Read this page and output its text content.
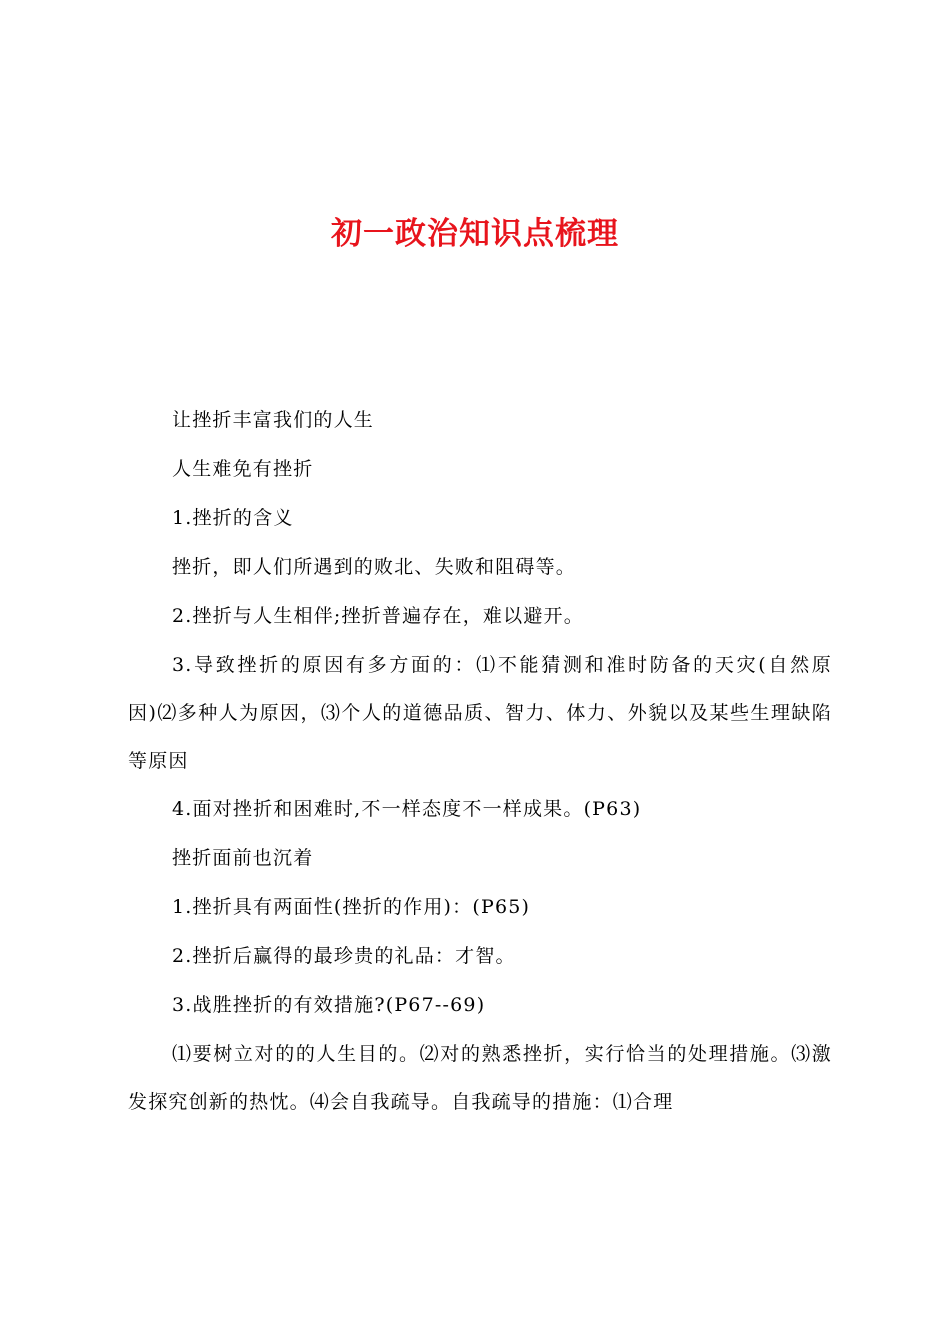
初一政治知识点梳理

让挫折丰富我们的人生

人生难免有挫折

1.挫折的含义

挫折，即人们所遇到的败北、失败和阻碍等。

2.挫折与人生相伴;挫折普遍存在，难以避开。

3.导致挫折的原因有多方面的：⑴不能猜测和准时防备的天灾(自然原因)⑵多种人为原因，⑶个人的道德品质、智力、体力、外貌以及某些生理缺陷等原因

4.面对挫折和困难时,不一样态度不一样成果。(P63)

挫折面前也沉着

1.挫折具有两面性(挫折的作用)：(P65)

2.挫折后赢得的最珍贵的礼品：才智。

3.战胜挫折的有效措施?(P67--69)

⑴要树立对的的人生目的。⑵对的熟悉挫折，实行恰当的处理措施。⑶激发探究创新的热忱。⑷会自我疏导。自我疏导的措施：⑴合理
